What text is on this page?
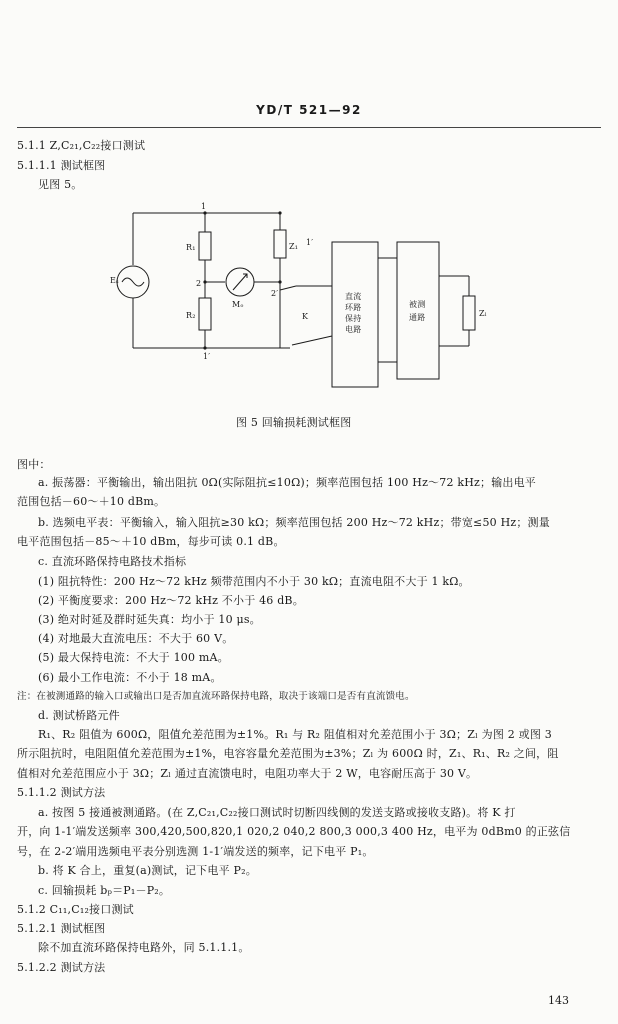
YD/T 521—92
5.1.1 Z,C₂₁,C₂₂接口测试
5.1.1.1 测试框图
见图 5。
1
1′
2
2′
1′
Eₛ
R₁
R₂
Z₁
Mₒ
K
直流
环路
保持
电路
被测
通路	Zₗ
图 5 回输损耗测试框图
图中：
a. 振荡器：平衡输出，输出阻抗 0Ω(实际阻抗≤10Ω)；频率范围包括 100 Hz～72 kHz；输出电平
范围包括－60～＋10 dBm。
b. 选频电平表：平衡输入，输入阻抗≥30 kΩ；频率范围包括 200 Hz～72 kHz；带宽≤50 Hz；测量
电平范围包括－85～＋10 dBm，每步可读 0.1 dB。
c. 直流环路保持电路技术指标
(1) 阻抗特性：200 Hz～72 kHz 频带范围内不小于 30 kΩ；直流电阻不大于 1 kΩ。
(2) 平衡度要求：200 Hz～72 kHz 不小于 46 dB。
(3) 绝对时延及群时延失真：均小于 10 μs。
(4) 对地最大直流电压：不大于 60 V。
(5) 最大保持电流：不大于 100 mA。
(6) 最小工作电流：不小于 18 mA。
注：在被测通路的输入口或输出口是否加直流环路保持电路，取决于该端口是否有直流馈电。
d. 测试桥路元件
R₁、R₂ 阻值为 600Ω，阻值允差范围为±1%。R₁ 与 R₂ 阻值相对允差范围小于 3Ω；Zₗ 为图 2 或图 3
所示阻抗时，电阻阻值允差范围为±1%，电容容量允差范围为±3%；Zₗ 为 600Ω 时，Z₁、R₁、R₂ 之间，阻
值相对允差范围应小于 3Ω；Zₗ 通过直流馈电时，电阻功率大于 2 W，电容耐压高于 30 V。
5.1.1.2 测试方法
a. 按图 5 接通被测通路。(在 Z,C₂₁,C₂₂接口测试时切断四线侧的发送支路或接收支路)。将 K 打
开，向 1-1′端发送频率 300,420,500,820,1 020,2 040,2 800,3 000,3 400 Hz，电平为 0dBm0 的正弦信
号，在 2-2′端用选频电平表分别选测 1-1′端发送的频率，记下电平 P₁。
b. 将 K 合上，重复(a)测试，记下电平 P₂。
c. 回输损耗 bₚ＝P₁－P₂。
5.1.2 C₁₁,C₁₂接口测试
5.1.2.1 测试框图
除不加直流环路保持电路外，同 5.1.1.1。
5.1.2.2 测试方法
143
